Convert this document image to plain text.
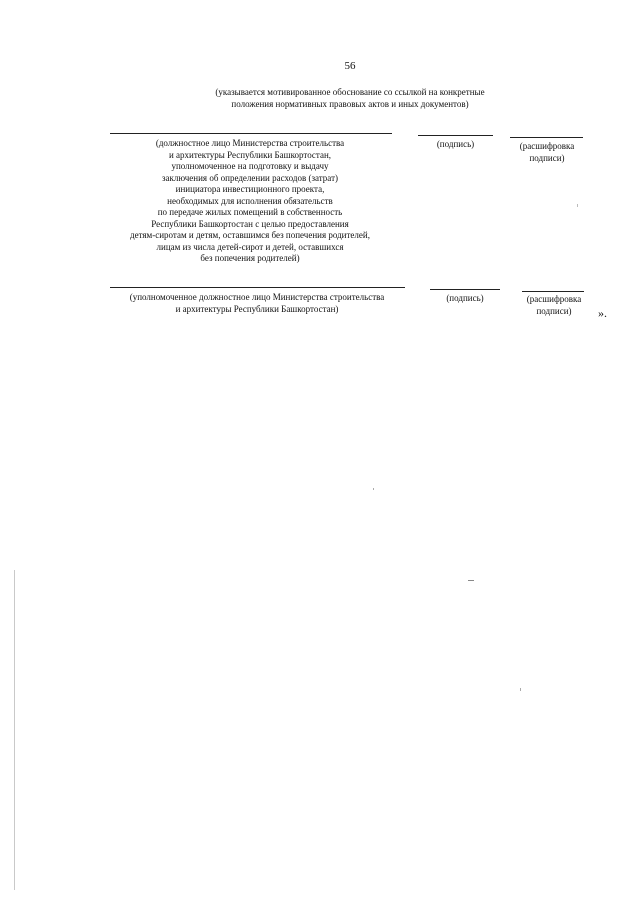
56
(указывается мотивированное обоснование со ссылкой на конкретные
положения нормативных правовых актов и иных документов)
(должностное лицо Министерства строительства
и архитектуры Республики Башкортостан,
уполномоченное на подготовку и выдачу
заключения об определении расходов (затрат)
инициатора инвестиционного проекта,
необходимых для исполнения обязательств
по передаче жилых помещений в собственность
Республики Башкортостан с целью предоставления
детям-сиротам и детям, оставшимся без попечения родителей,
лицам из числа детей-сирот и детей, оставшихся
без попечения родителей)
(подпись)	(расшифровка
подписи)
(уполномоченное должностное лицо Министерства строительства
и архитектуры Республики Башкортостан)
(подпись)	(расшифровка
подписи)	».
